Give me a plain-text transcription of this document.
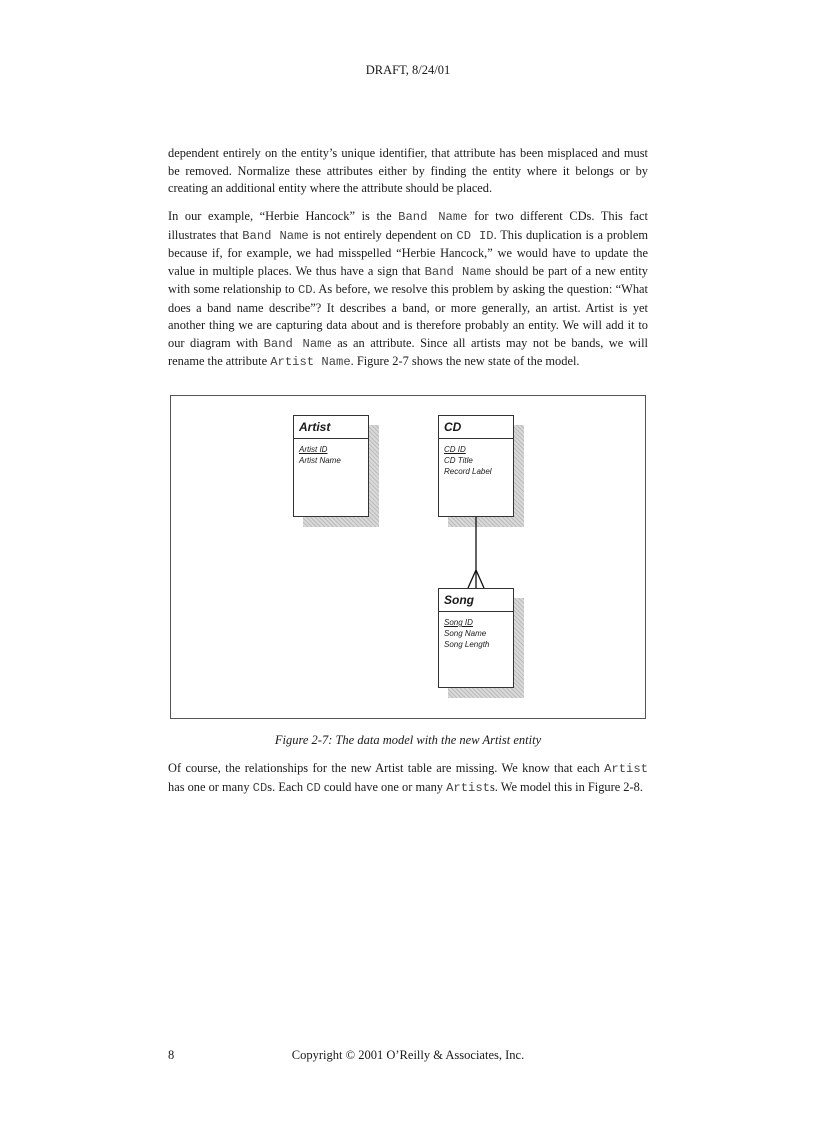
DRAFT, 8/24/01

dependent entirely on the entity’s unique identifier, that attribute has been misplaced and must be removed. Normalize these attributes either by finding the entity where it belongs or by creating an additional entity where the attribute should be placed.

In our example, “Herbie Hancock” is the Band Name for two different CDs. This fact illustrates that Band Name is not entirely dependent on CD ID. This duplication is a problem because if, for example, we had misspelled “Herbie Hancock,” we would have to update the value in multiple places. We thus have a sign that Band Name should be part of a new entity with some relationship to CD. As before, we resolve this problem by asking the question: “What does a band name describe”? It describes a band, or more generally, an artist. Artist is yet another thing we are capturing data about and is therefore probably an entity. We will add it to our diagram with Band Name as an attribute. Since all artists may not be bands, we will rename the attribute Artist Name. Figure 2-7 shows the new state of the model.

Artist
Artist ID
Artist Name
CD
CD ID
CD Title
Record Label
Song
Song ID
Song Name
Song Length
Figure 2-7: The data model with the new Artist entity

Of course, the relationships for the new Artist table are missing. We know that each Artist has one or many CDs. Each CD could have one or many Artists. We model this in Figure 2-8.

8	Copyright © 2001 O’Reilly & Associates, Inc.
